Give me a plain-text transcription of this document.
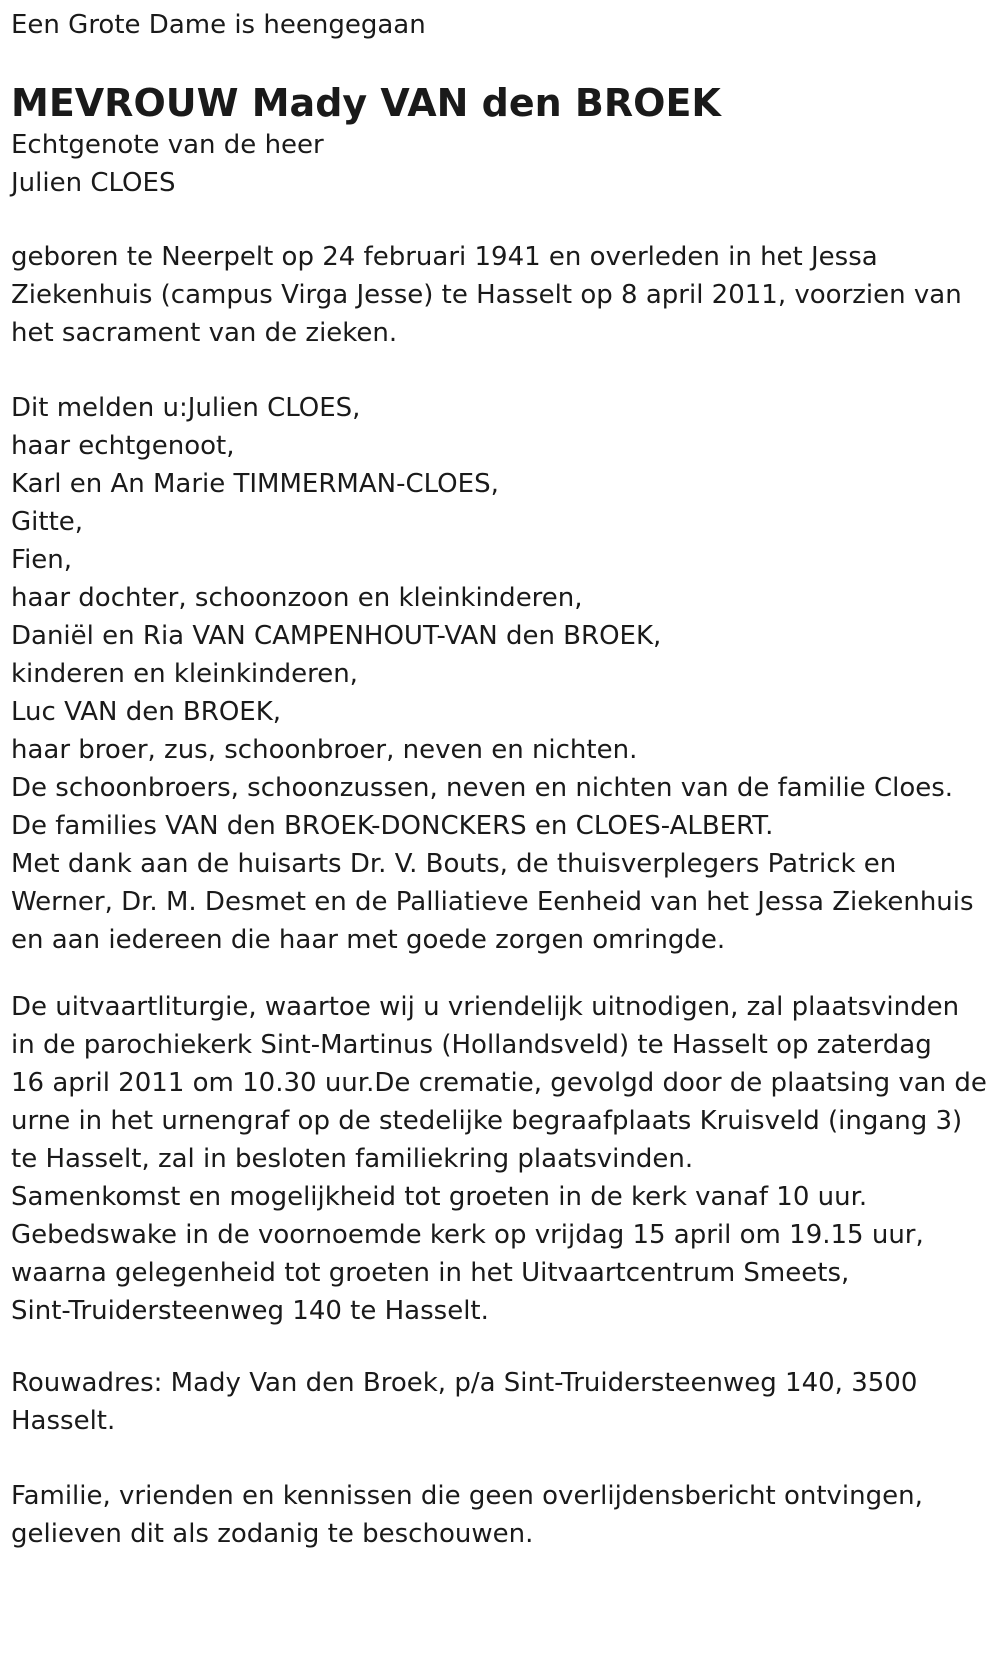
Een Grote Dame is heengegaan
MEVROUW Mady VAN den BROEK
Echtgenote van de heer
Julien CLOES
geboren te Neerpelt op 24 februari 1941 en overleden in het Jessa
Ziekenhuis (campus Virga Jesse) te Hasselt op 8 april 2011, voorzien van
het sacrament van de zieken.
Dit melden u:Julien CLOES,
haar echtgenoot,
Karl en An Marie TIMMERMAN-CLOES,
Gitte,
Fien,
haar dochter, schoonzoon en kleinkinderen,
Daniël en Ria VAN CAMPENHOUT-VAN den BROEK,
kinderen en kleinkinderen,
Luc VAN den BROEK,
haar broer, zus, schoonbroer, neven en nichten.
De schoonbroers, schoonzussen, neven en nichten van de familie Cloes.
De families VAN den BROEK-DONCKERS en CLOES-ALBERT.
Met dank aan de huisarts Dr. V. Bouts, de thuisverplegers Patrick en
Werner, Dr. M. Desmet en de Palliatieve Eenheid van het Jessa Ziekenhuis
en aan iedereen die haar met goede zorgen omringde.
De uitvaartliturgie, waartoe wij u vriendelijk uitnodigen, zal plaatsvinden
in de parochiekerk Sint-Martinus (Hollandsveld) te Hasselt op zaterdag
16 april 2011 om 10.30 uur.De crematie, gevolgd door de plaatsing van de
urne in het urnengraf op de stedelijke begraafplaats Kruisveld (ingang 3)
te Hasselt, zal in besloten familiekring plaatsvinden.
Samenkomst en mogelijkheid tot groeten in de kerk vanaf 10 uur.
Gebedswake in de voornoemde kerk op vrijdag 15 april om 19.15 uur,
waarna gelegenheid tot groeten in het Uitvaartcentrum Smeets,
Sint-Truidersteenweg 140 te Hasselt.
Rouwadres: Mady Van den Broek, p/a Sint-Truidersteenweg 140, 3500
Hasselt.
Familie, vrienden en kennissen die geen overlijdensbericht ontvingen,
gelieven dit als zodanig te beschouwen.
